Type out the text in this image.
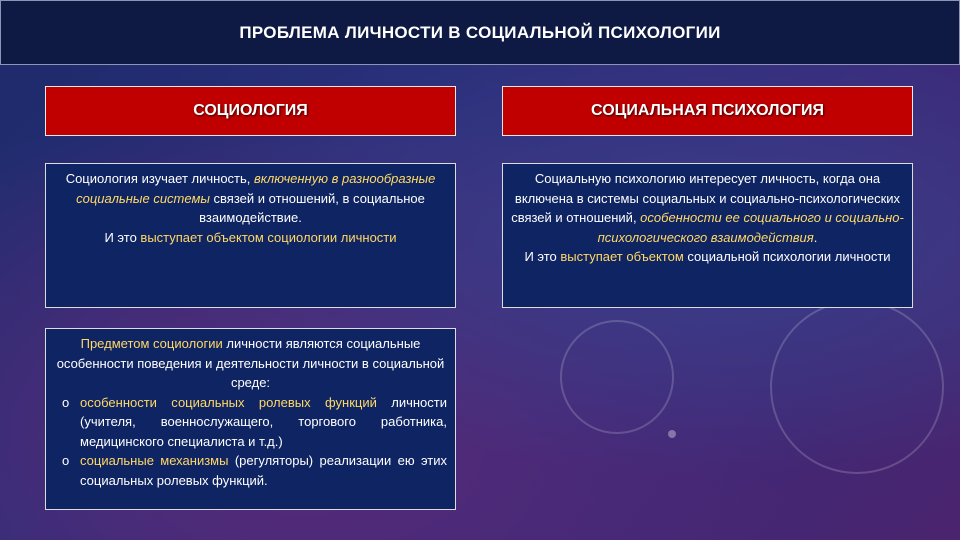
ПРОБЛЕМА ЛИЧНОСТИ В СОЦИАЛЬНОЙ ПСИХОЛОГИИ
СОЦИОЛОГИЯ	СОЦИАЛЬНАЯ ПСИХОЛОГИЯ
Социология изучает личность, включенную в разнообразные социальные системы связей и отношений, в социальное взаимодействие.
И это выступает объектом социологии личности
Социальную психологию интересует личность, когда она включена в системы социальных и социально-психологических связей и отношений, особенности ее социального и социально-психологического взаимодействия.
И это выступает объектом социальной психологии личности
Предметом социологии личности являются социальные особенности поведения и деятельности личности в социальной среде:
o особенности социальных ролевых функций личности (учителя, военнослужащего, торгового работника, медицинского специалиста и т.д.)
o социальные механизмы (регуляторы) реализации ею этих социальных ролевых функций.
